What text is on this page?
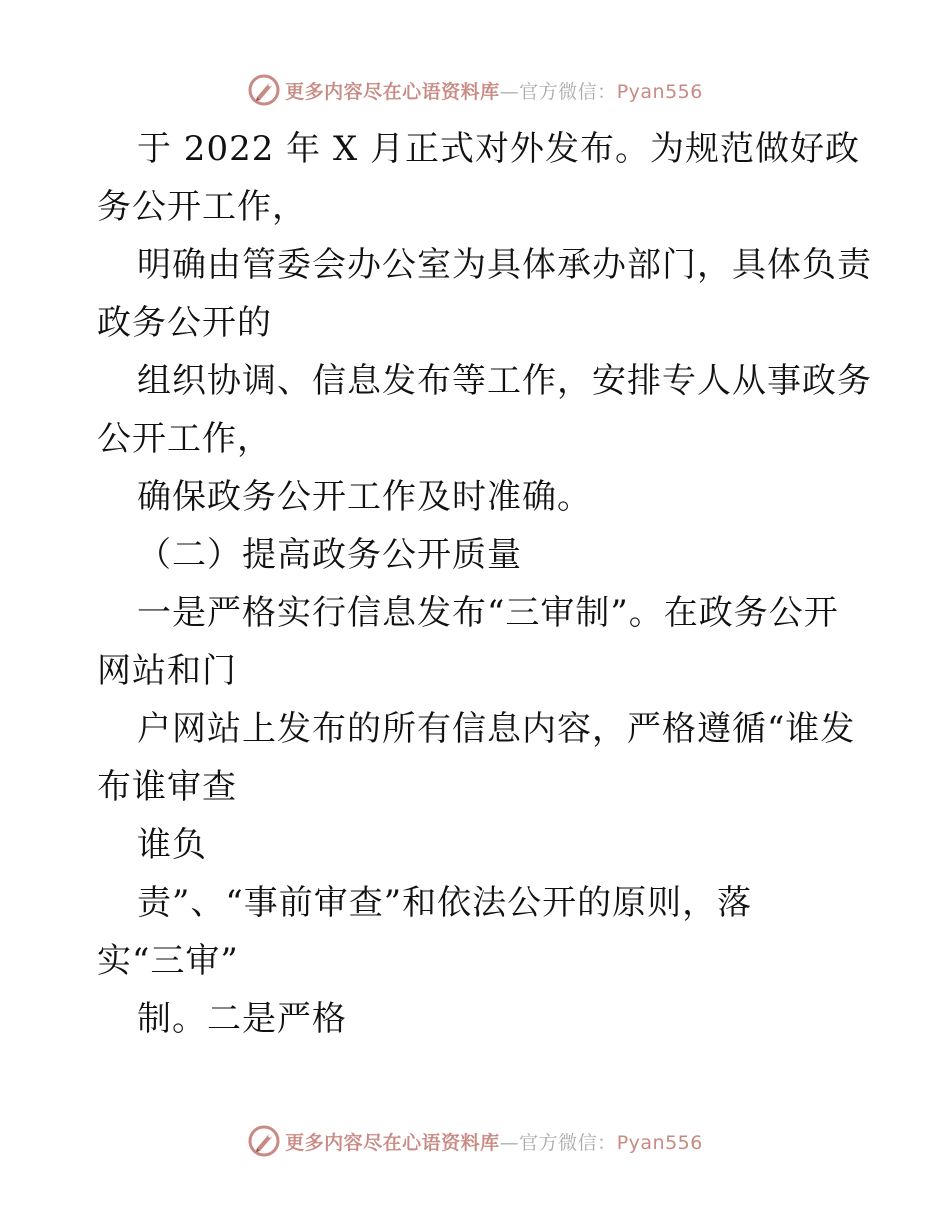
更多内容尽在心语资料库—官方微信：Pyan556
于 2022 年 X 月正式对外发布。为规范做好政
务公开工作，
明确由管委会办公室为具体承办部门，具体负责
政务公开的
组织协调、信息发布等工作，安排专人从事政务
公开工作，
确保政务公开工作及时准确。
（二）提高政务公开质量
一是严格实行信息发布“三审制”。在政务公开
网站和门
户网站上发布的所有信息内容，严格遵循“谁发
布谁审查
谁负
责”、“事前审查”和依法公开的原则，落
实“三审”
制。二是严格
更多内容尽在心语资料库—官方微信：Pyan556
